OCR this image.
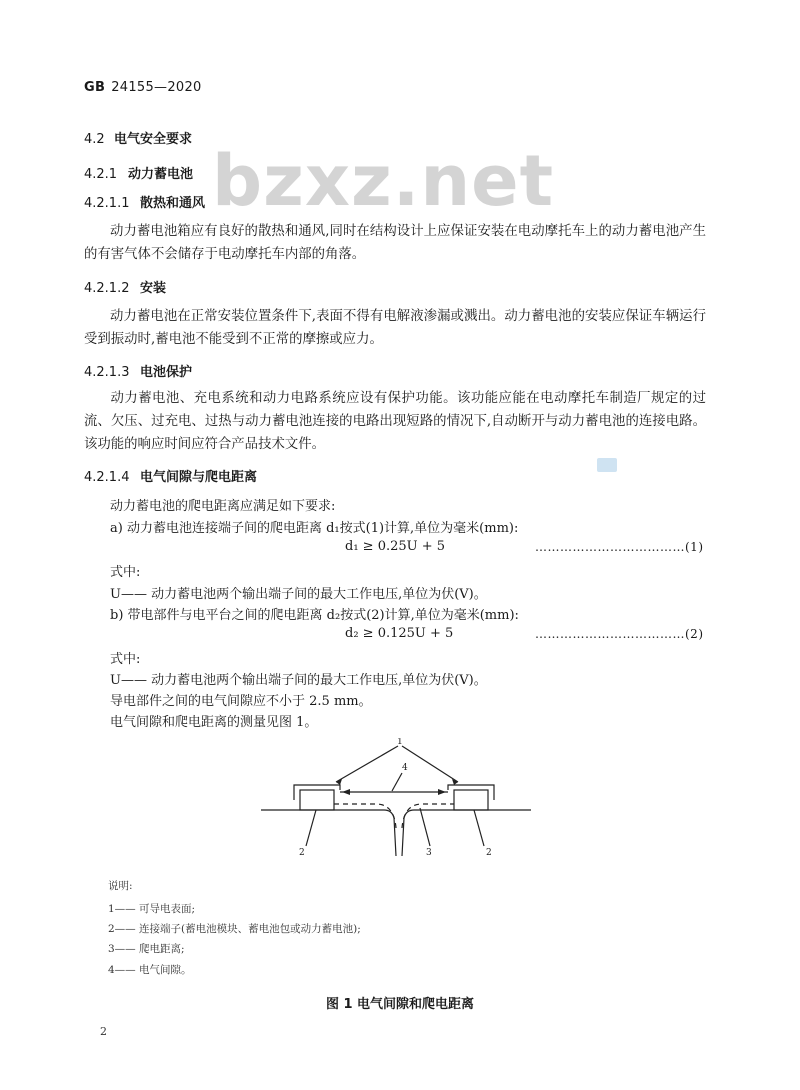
GB 24155—2020
bzxz.net
4.2 电气安全要求
4.2.1 动力蓄电池
4.2.1.1 散热和通风
动力蓄电池箱应有良好的散热和通风,同时在结构设计上应保证安装在电动摩托车上的动力蓄电池产生的有害气体不会储存于电动摩托车内部的角落。
4.2.1.2 安装
动力蓄电池在正常安装位置条件下,表面不得有电解液渗漏或溅出。动力蓄电池的安装应保证车辆运行受到振动时,蓄电池不能受到不正常的摩擦或应力。
4.2.1.3 电池保护
动力蓄电池、充电系统和动力电路系统应设有保护功能。该功能应能在电动摩托车制造厂规定的过流、欠压、过充电、过热与动力蓄电池连接的电路出现短路的情况下,自动断开与动力蓄电池的连接电路。该功能的响应时间应符合产品技术文件。
4.2.1.4 电气间隙与爬电距离
动力蓄电池的爬电距离应满足如下要求:
a) 动力蓄电池连接端子间的爬电距离 d₁按式(1)计算,单位为毫米(mm):
d₁ ≥ 0.25U + 5	………………………………(1)
式中:
U—— 动力蓄电池两个输出端子间的最大工作电压,单位为伏(V)。
b) 带电部件与电平台之间的爬电距离 d₂按式(2)计算,单位为毫米(mm):
d₂ ≥ 0.125U + 5	………………………………(2)
式中:
U—— 动力蓄电池两个输出端子间的最大工作电压,单位为伏(V)。
导电部件之间的电气间隙应不小于 2.5 mm。
电气间隙和爬电距离的测量见图 1。
1
4
2	3	2
说明:
1—— 可导电表面;
2—— 连接端子(蓄电池模块、蓄电池包或动力蓄电池);
3—— 爬电距离;
4—— 电气间隙。
图 1 电气间隙和爬电距离
2
